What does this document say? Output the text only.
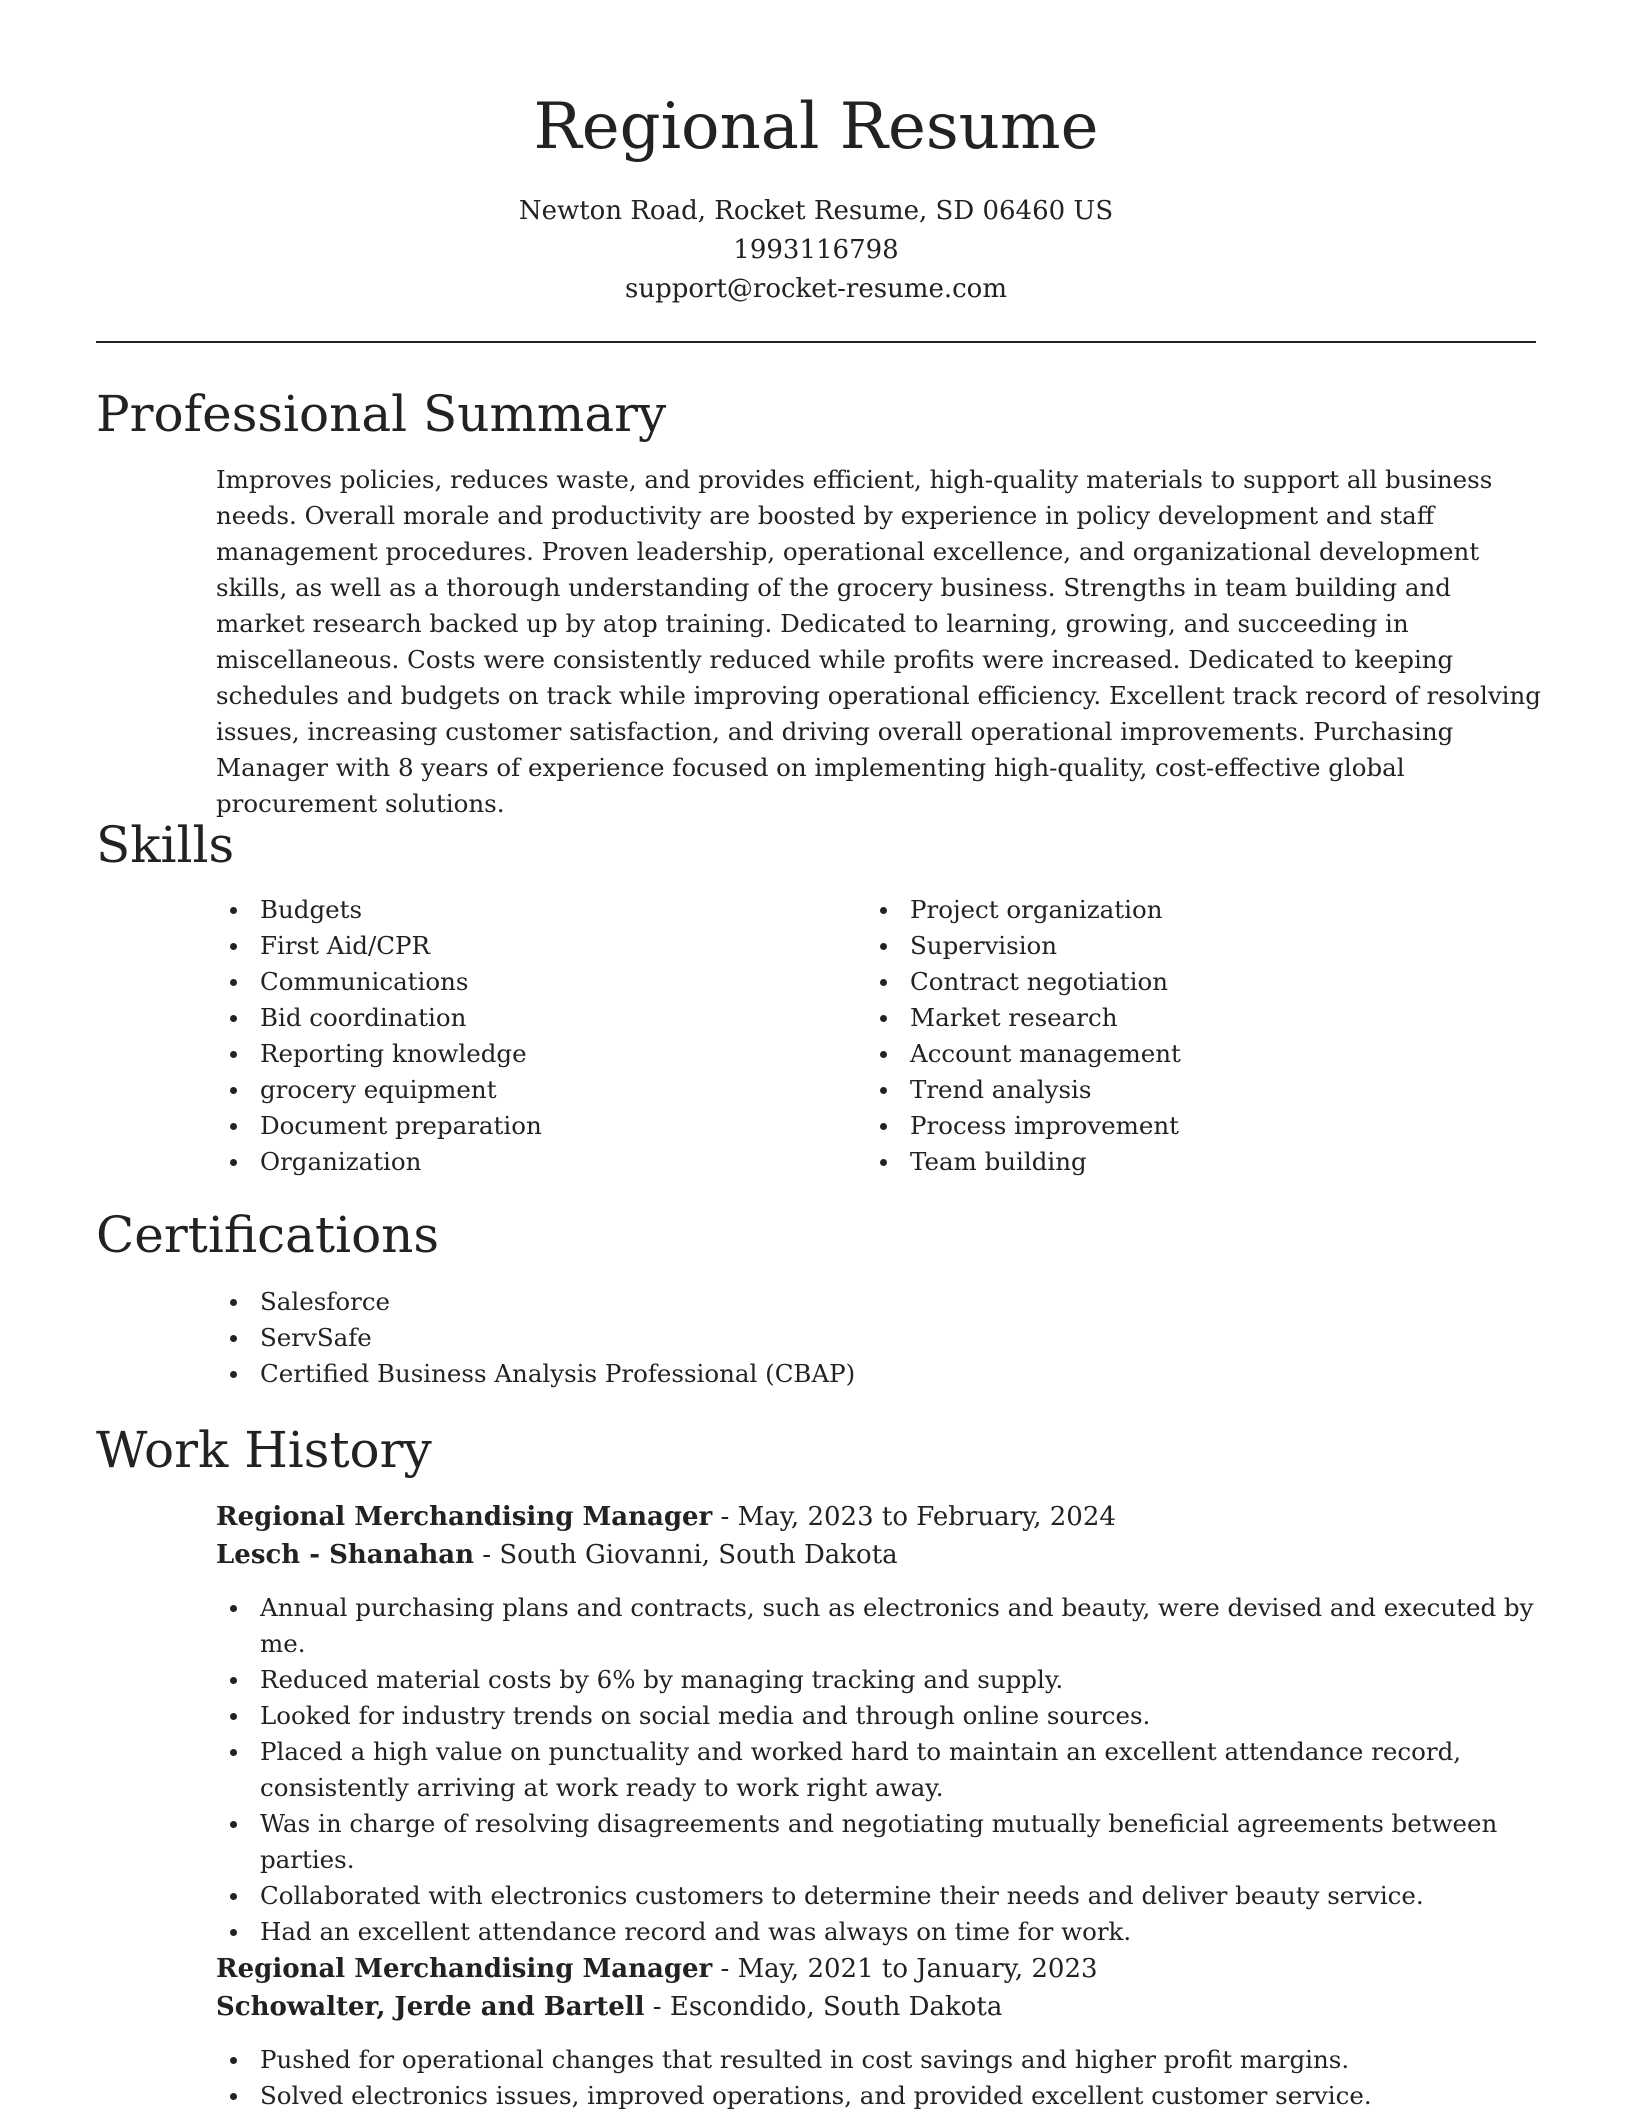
Regional Resume
Newton Road, Rocket Resume, SD 06460 US
1993116798
support@rocket-resume.com
Professional Summary

Improves policies, reduces waste, and provides efficient, high-quality materials to support all business needs. Overall morale and productivity are boosted by experience in policy development and staff management procedures. Proven leadership, operational excellence, and organizational development skills, as well as a thorough understanding of the grocery business. Strengths in team building and market research backed up by atop training. Dedicated to learning, growing, and succeeding in miscellaneous. Costs were consistently reduced while profits were increased. Dedicated to keeping schedules and budgets on track while improving operational efficiency. Excellent track record of resolving issues, increasing customer satisfaction, and driving overall operational improvements. Purchasing Manager with 8 years of experience focused on implementing high-quality, cost-effective global procurement solutions.

Skills
Budgets
First Aid/CPR
Communications
Bid coordination
Reporting knowledge
grocery equipment
Document preparation
Organization
Project organization
Supervision
Contract negotiation
Market research
Account management
Trend analysis
Process improvement
Team building
Certifications
Salesforce
ServSafe
Certified Business Analysis Professional (CBAP)
Work History
Regional Merchandising Manager - May, 2023 to February, 2024
Lesch - Shanahan - South Giovanni, South Dakota
Annual purchasing plans and contracts, such as electronics and beauty, were devised and executed by me.
Reduced material costs by 6% by managing tracking and supply.
Looked for industry trends on social media and through online sources.
Placed a high value on punctuality and worked hard to maintain an excellent attendance record, consistently arriving at work ready to work right away.
Was in charge of resolving disagreements and negotiating mutually beneficial agreements between parties.
Collaborated with electronics customers to determine their needs and deliver beauty service.
Had an excellent attendance record and was always on time for work.
Regional Merchandising Manager - May, 2021 to January, 2023
Schowalter, Jerde and Bartell - Escondido, South Dakota
Pushed for operational changes that resulted in cost savings and higher profit margins.
Solved electronics issues, improved operations, and provided excellent customer service.
